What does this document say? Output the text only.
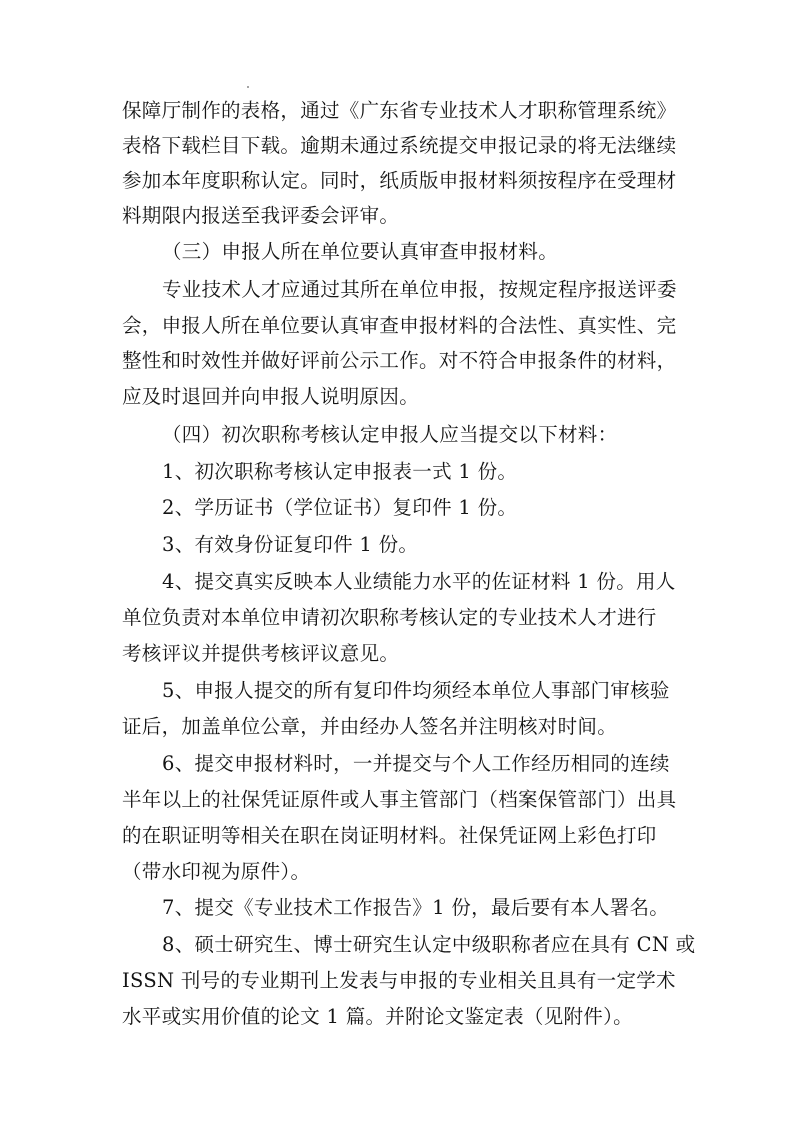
保障厅制作的表格，通过《广东省专业技术人才职称管理系统》
表格下载栏目下载。逾期未通过系统提交申报记录的将无法继续
参加本年度职称认定。同时，纸质版申报材料须按程序在受理材
料期限内报送至我评委会评审。
（三）申报人所在单位要认真审查申报材料。
专业技术人才应通过其所在单位申报，按规定程序报送评委
会，申报人所在单位要认真审查申报材料的合法性、真实性、完
整性和时效性并做好评前公示工作。对不符合申报条件的材料，
应及时退回并向申报人说明原因。
（四）初次职称考核认定申报人应当提交以下材料：
1、初次职称考核认定申报表一式 1 份。
2、学历证书（学位证书）复印件 1 份。
3、有效身份证复印件 1 份。
4、提交真实反映本人业绩能力水平的佐证材料 1 份。用人
单位负责对本单位申请初次职称考核认定的专业技术人才进行
考核评议并提供考核评议意见。
5、申报人提交的所有复印件均须经本单位人事部门审核验
证后，加盖单位公章，并由经办人签名并注明核对时间。
6、提交申报材料时，一并提交与个人工作经历相同的连续
半年以上的社保凭证原件或人事主管部门（档案保管部门）出具
的在职证明等相关在职在岗证明材料。社保凭证网上彩色打印
（带水印视为原件）。
7、提交《专业技术工作报告》1 份，最后要有本人署名。
8、硕士研究生、博士研究生认定中级职称者应在具有 CN 或
ISSN 刊号的专业期刊上发表与申报的专业相关且具有一定学术
水平或实用价值的论文 1 篇。并附论文鉴定表（见附件）。
